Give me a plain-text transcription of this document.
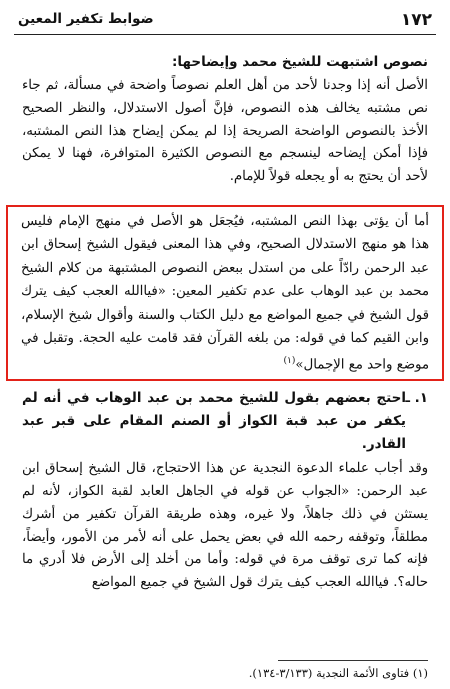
١٧٢
ضوابط تكفير المعين

نصوص اشتبهت للشيخ محمد وإيضاحها:

الأصل أنه إذا وجدنا لأحد من أهل العلم نصوصاً واضحة في مسألة، ثم جاء نص مشتبه يخالف هذه النصوص، فإنَّ أصول الاستدلال، والنظر الصحيح الأخذ بالنصوص الواضحة الصريحة إذا لم يمكن إيضاح هذا النص المشتبه، فإذا أمكن إيضاحه لينسجم مع النصوص الكثيرة المتوافرة، فهنا لا يمكن لأحد أن يحتج به أو يجعله قولاً للإمام.

أما أن يؤتى بهذا النص المشتبه، فيُجعَل هو الأصل في منهج الإمام فليس هذا هو منهج الاستدلال الصحيح، وفي هذا المعنى فيقول الشيخ إسحاق ابن عبد الرحمن رادّاً على من استدل ببعض النصوص المشتبهة من كلام الشيخ محمد بن عبد الوهاب على عدم تكفير المعين: «فياالله العجب كيف يترك قول الشيخ في جميع المواضع مع دليل الكتاب والسنة وأقوال شيخ الإسلام، وابن القيم كما في قوله: من بلغه القرآن فقد قامت عليه الحجة. وتقبل في موضع واحد مع الإجمال»$^{(١)}$

١.
ـ
احتج بعضهم بقول للشيخ محمد بن عبد الوهاب في أنه لم يكفر من عبد قبة الكواز أو الصنم المقام على قبر عبد القادر.

وقد أجاب علماء الدعوة النجدية عن هذا الاحتجاج، قال الشيخ إسحاق ابن عبد الرحمن: «الجواب عن قوله في الجاهل العابد لقبة الكواز، لأنه لم يستثن في ذلك جاهلاً، ولا غيره، وهذه طريقة القرآن تكفير من أشرك مطلقاً، وتوقفه رحمه الله في بعض يحمل على أنه لأمر من الأمور، وأيضاً، فإنه كما ترى توقف مرة في قوله: وأما من أخلد إلى الأرض فلا أدري ما حاله؟. فياالله العجب كيف يترك قول الشيخ في جميع المواضع

(١) فتاوى الأئمة النجدية (٣/١٣٣-١٣٤).
